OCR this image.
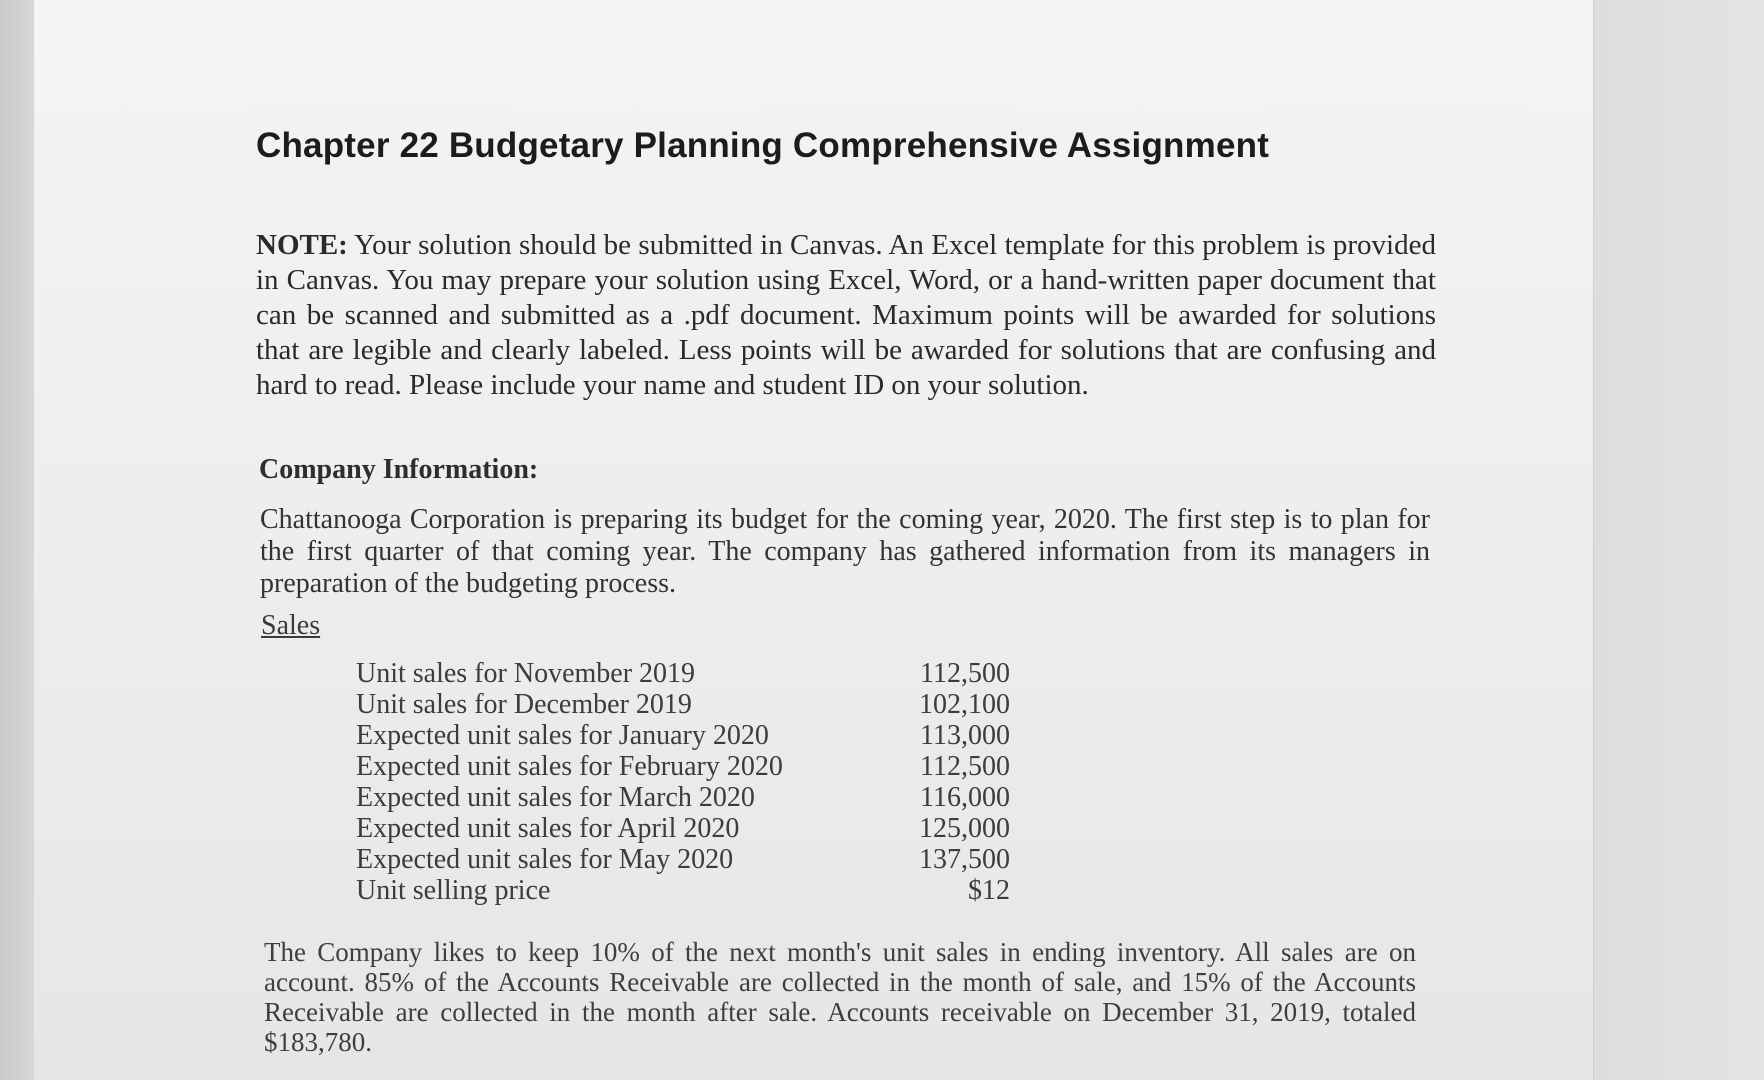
Chapter 22 Budgetary Planning Comprehensive Assignment
NOTE: Your solution should be submitted in Canvas. An Excel template for this problem is provided in Canvas. You may prepare your solution using Excel, Word, or a hand-written paper document that can be scanned and submitted as a .pdf document. Maximum points will be awarded for solutions that are legible and clearly labeled. Less points will be awarded for solutions that are confusing and hard to read. Please include your name and student ID on your solution.
Company Information:
Chattanooga Corporation is preparing its budget for the coming year, 2020. The first step is to plan for the first quarter of that coming year. The company has gathered information from its managers in preparation of the budgeting process.
Sales
Unit sales for November 2019	112,500
Unit sales for December 2019	102,100
Expected unit sales for January 2020	113,000
Expected unit sales for February 2020	112,500
Expected unit sales for March 2020	116,000
Expected unit sales for April 2020	125,000
Expected unit sales for May 2020	137,500
Unit selling price	$12
The Company likes to keep 10% of the next month's unit sales in ending inventory. All sales are on account. 85% of the Accounts Receivable are collected in the month of sale, and 15% of the Accounts Receivable are collected in the month after sale. Accounts receivable on December 31, 2019, totaled $183,780.
